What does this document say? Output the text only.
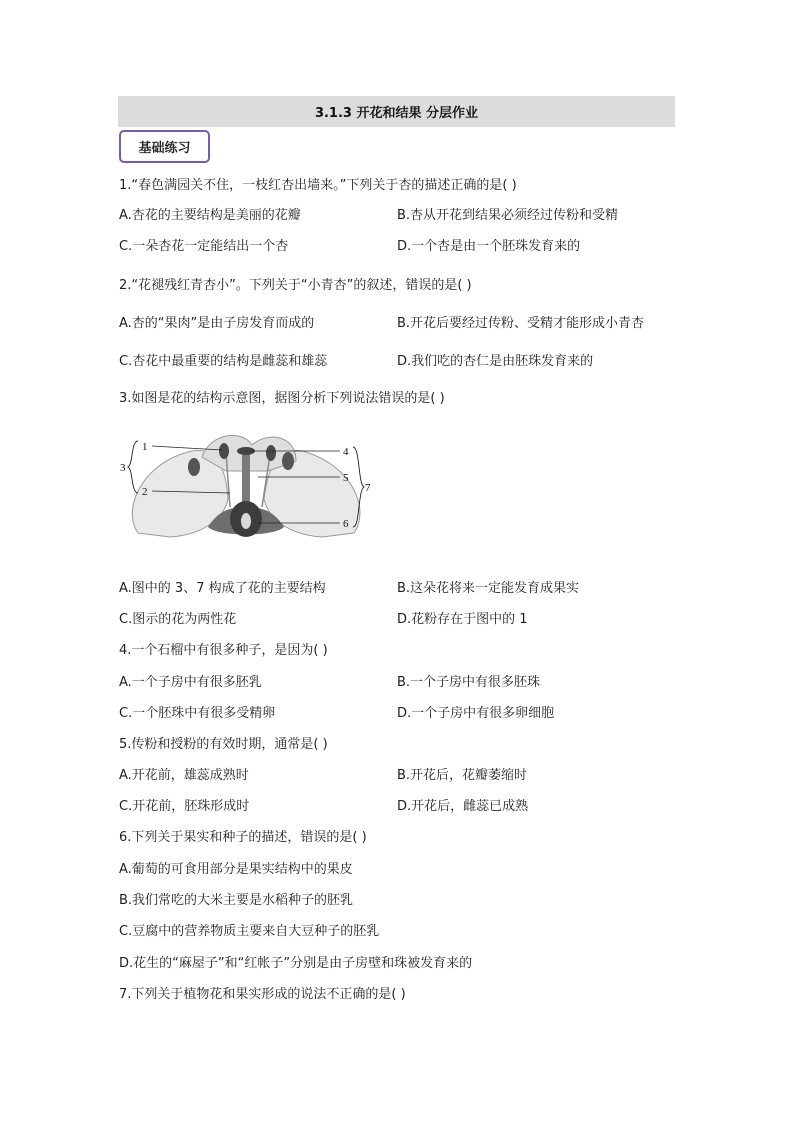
3.1.3 开花和结果 分层作业
基础练习
1.“春色满园关不住，一枝红杏出墙来。”下列关于杏的描述正确的是( )
A.杏花的主要结构是美丽的花瓣	B.杏从开花到结果必须经过传粉和受精
C.一朵杏花一定能结出一个杏	D.一个杏是由一个胚珠发育来的
2.“花褪残红青杏小”。下列关于“小青杏”的叙述，错误的是( )
A.杏的“果肉”是由子房发育而成的	B.开花后要经过传粉、受精才能形成小青杏
C.杏花中最重要的结构是雌蕊和雄蕊	D.我们吃的杏仁是由胚珠发育来的
3.如图是花的结构示意图，据图分析下列说法错误的是( )
1
2
3
4
5
6
7
A.图中的 3、7 构成了花的主要结构	B.这朵花将来一定能发育成果实
C.图示的花为两性花	D.花粉存在于图中的 1
4.一个石榴中有很多种子，是因为( )
A.一个子房中有很多胚乳	B.一个子房中有很多胚珠
C.一个胚珠中有很多受精卵	D.一个子房中有很多卵细胞
5.传粉和授粉的有效时期，通常是( )
A.开花前，雄蕊成熟时	B.开花后，花瓣萎缩时
C.开花前，胚珠形成时	D.开花后，雌蕊已成熟
6.下列关于果实和种子的描述，错误的是( )
A.葡萄的可食用部分是果实结构中的果皮
B.我们常吃的大米主要是水稻种子的胚乳
C.豆腐中的营养物质主要来自大豆种子的胚乳
D.花生的“麻屋子”和“红帐子”分别是由子房壁和珠被发育来的
7.下列关于植物花和果实形成的说法不正确的是( )
